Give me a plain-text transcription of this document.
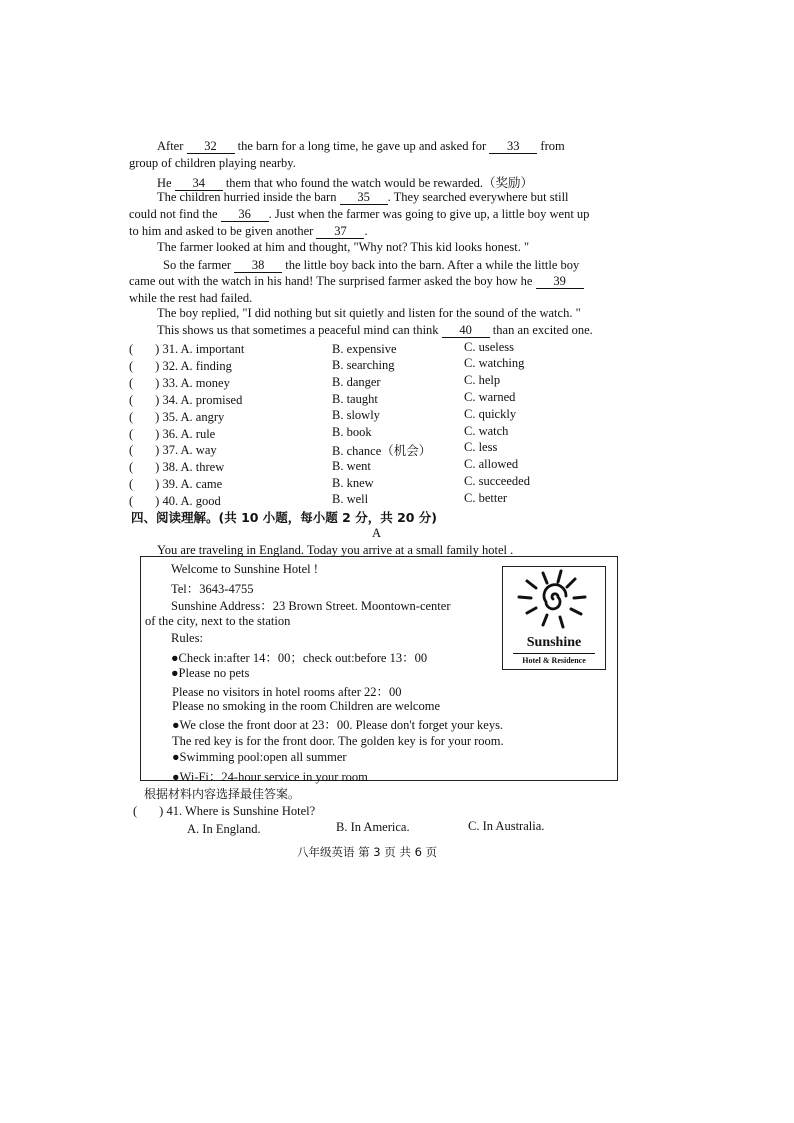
After 32 the barn for a long time, he gave up and asked for 33 from
group of children playing nearby.
He 34 them that who found the watch would be rewarded.（奖励）
The children hurried inside the barn 35 . They searched everywhere but still
could not find the 36 . Just when the farmer was going to give up, a little boy went up
to him and asked to be given another 37 .
The farmer looked at him and thought, "Why not? This kid looks honest. "
So the farmer 38 the little boy back into the barn. After a while the little boy
came out with the watch in his hand! The surprised farmer asked the boy how he 39
while the rest had failed.
The boy replied, "I did nothing but sit quietly and listen for the sound of the watch. "
This shows us that sometimes a peaceful mind can think 40 than an excited one.
( ) 31. A. important	B. expensive	C. useless
( ) 32. A. finding	B. searching	C. watching
( ) 33. A. money	B. danger	C. help
( ) 34. A. promised	B. taught	C. warned
( ) 35. A. angry	B. slowly	C. quickly
( ) 36. A. rule	B. book	C. watch
( ) 37. A. way	B. chance（机会）	C. less
( ) 38. A. threw	B. went	C. allowed
( ) 39. A. came	B. knew	C. succeeded
( ) 40. A. good	B. well	C. better
四、阅读理解。(共 10 小题，每小题 2 分，共 20 分)
A
You are traveling in England. Today you arrive at a small family hotel .
Welcome to Sunshine Hotel !
Tel：3643-4755
Sunshine Address：23 Brown Street. Moontown-center
of the city, next to the station
Rules:
●Check in:after 14：00；check out:before 13：00
●Please no pets
Please no visitors in hotel rooms after 22：00
Please no smoking in the room Children are welcome
●We close the front door at 23：00. Please don't forget your keys.
The red key is for the front door. The golden key is for your room.
●Swimming pool:open all summer
●Wi-Fi：24-hour service in your room
Sunshine
Hotel & Residence
根据材料内容选择最佳答案。
( ) 41. Where is Sunshine Hotel?
A. In England.	B. In America.	C. In Australia.
八年级英语 第 3 页 共 6 页
